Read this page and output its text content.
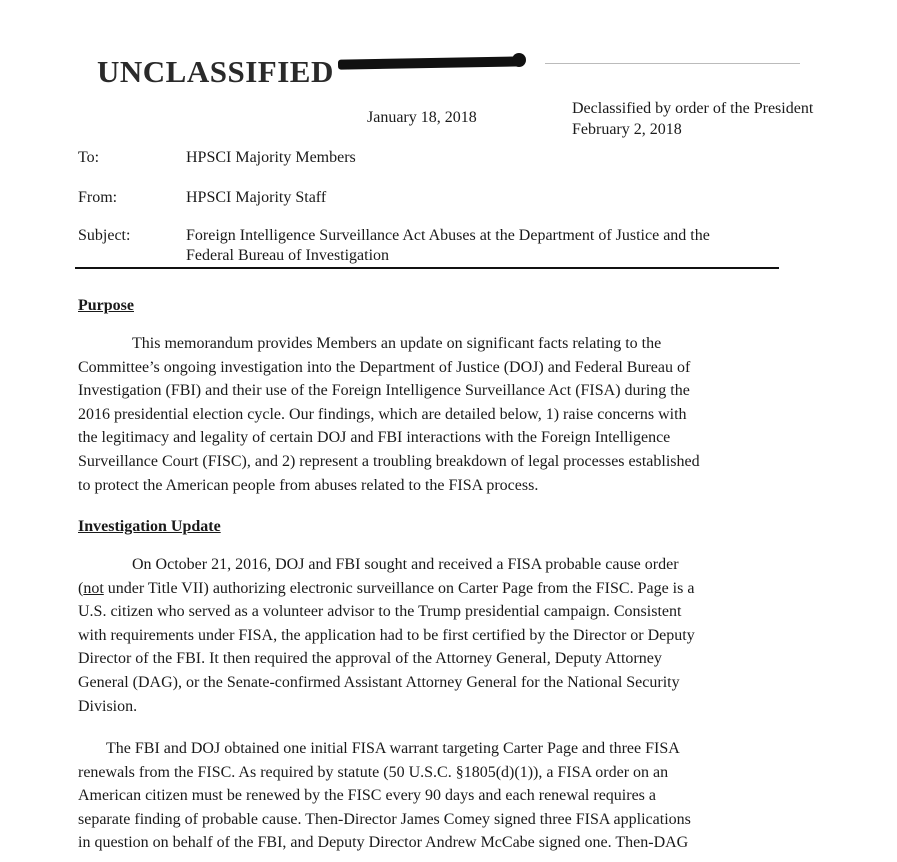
UNCLASSIFIED
January 18, 2018
Declassified by order of the President
February 2, 2018
To:	HPSCI Majority Members
From:	HPSCI Majority Staff
Subject:	Foreign Intelligence Surveillance Act Abuses at the Department of Justice and the
Federal Bureau of Investigation
Purpose

This memorandum provides Members an update on significant facts relating to the
Committee’s ongoing investigation into the Department of Justice (DOJ) and Federal Bureau of
Investigation (FBI) and their use of the Foreign Intelligence Surveillance Act (FISA) during the
2016 presidential election cycle. Our findings, which are detailed below, 1) raise concerns with
the legitimacy and legality of certain DOJ and FBI interactions with the Foreign Intelligence
Surveillance Court (FISC), and 2) represent a troubling breakdown of legal processes established
to protect the American people from abuses related to the FISA process.

Investigation Update

On October 21, 2016, DOJ and FBI sought and received a FISA probable cause order
(not under Title VII) authorizing electronic surveillance on Carter Page from the FISC. Page is a
U.S. citizen who served as a volunteer advisor to the Trump presidential campaign. Consistent
with requirements under FISA, the application had to be first certified by the Director or Deputy
Director of the FBI. It then required the approval of the Attorney General, Deputy Attorney
General (DAG), or the Senate-confirmed Assistant Attorney General for the National Security
Division.

The FBI and DOJ obtained one initial FISA warrant targeting Carter Page and three FISA
renewals from the FISC. As required by statute (50 U.S.C. §1805(d)(1)), a FISA order on an
American citizen must be renewed by the FISC every 90 days and each renewal requires a
separate finding of probable cause. Then-Director James Comey signed three FISA applications
in question on behalf of the FBI, and Deputy Director Andrew McCabe signed one. Then-DAG
